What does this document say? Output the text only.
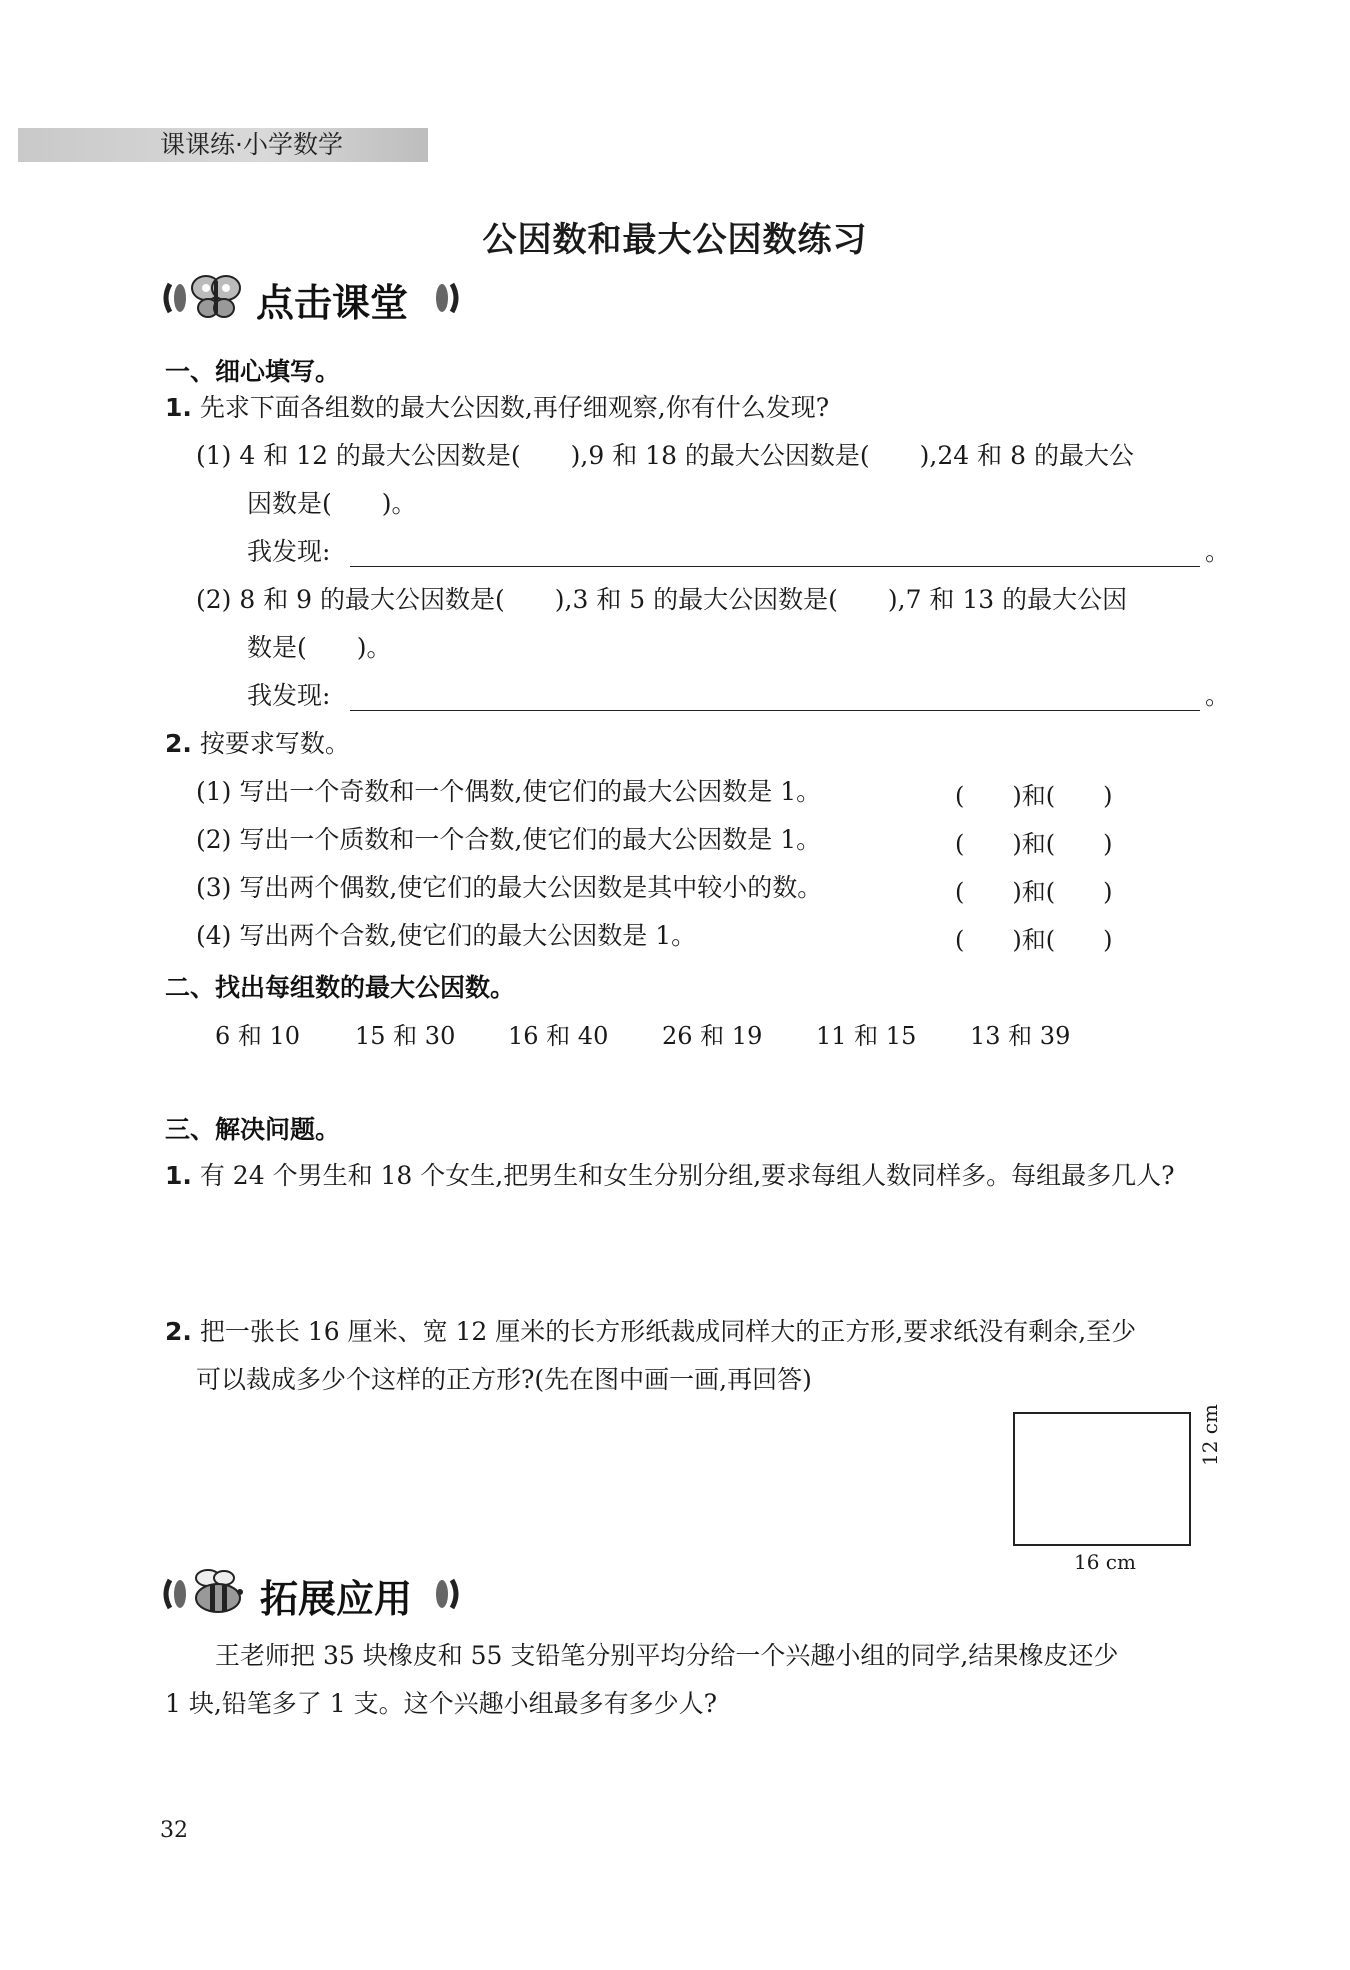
课课练·小学数学
公因数和最大公因数练习
点击课堂
一、细心填写。
1. 先求下面各组数的最大公因数,再仔细观察,你有什么发现?
(1) 4 和 12 的最大公因数是(　　),9 和 18 的最大公因数是(　　),24 和 8 的最大公
因数是(　　)。
我发现:	。
(2) 8 和 9 的最大公因数是(　　),3 和 5 的最大公因数是(　　),7 和 13 的最大公因
数是(　　)。
我发现:	。
2. 按要求写数。
(1) 写出一个奇数和一个偶数,使它们的最大公因数是 1。	(　　)和(　　)
(2) 写出一个质数和一个合数,使它们的最大公因数是 1。	(　　)和(　　)
(3) 写出两个偶数,使它们的最大公因数是其中较小的数。	(　　)和(　　)
(4) 写出两个合数,使它们的最大公因数是 1。	(　　)和(　　)
二、找出每组数的最大公因数。
6 和 10 15 和 30 16 和 40 26 和 19 11 和 15 13 和 39
三、解决问题。
1. 有 24 个男生和 18 个女生,把男生和女生分别分组,要求每组人数同样多。每组最多几人?
2. 把一张长 16 厘米、宽 12 厘米的长方形纸裁成同样大的正方形,要求纸没有剩余,至少
可以裁成多少个这样的正方形?(先在图中画一画,再回答)
16 cm
12 cm
拓展应用
王老师把 35 块橡皮和 55 支铅笔分别平均分给一个兴趣小组的同学,结果橡皮还少
1 块,铅笔多了 1 支。这个兴趣小组最多有多少人?
32
